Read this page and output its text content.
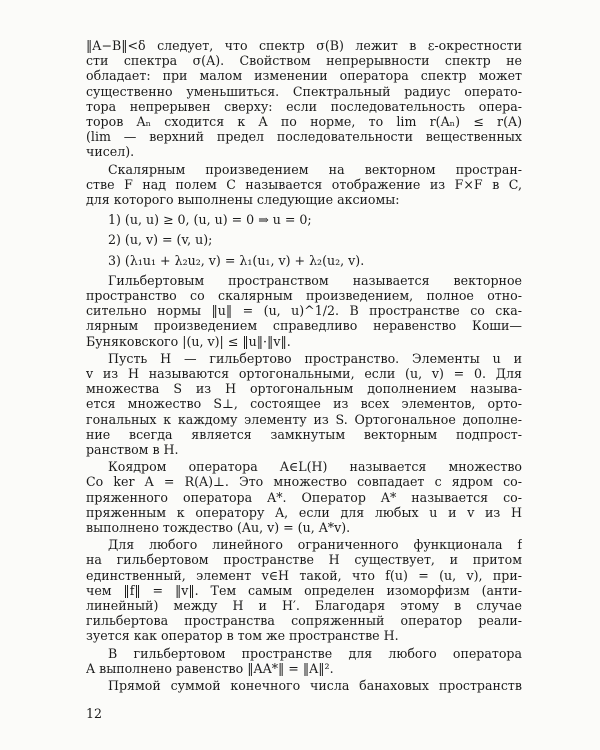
‖A−B‖<δ следует, что спектр σ(B) лежит в ε-окрестности
сти спектра σ(A). Свойством непрерывности спектр не
обладает: при малом изменении оператора спектр может
существенно уменьшиться. Спектральный радиус операто-
тора непрерывен сверху: если последовательность опера-
торов Aₙ сходится к A по норме, то lim r(Aₙ) ≤ r(A)
(lim — верхний предел последовательности вещественных
чисел).
Скалярным произведением на векторном простран-
стве F над полем C называется отображение из F×F в C,
для которого выполнены следующие аксиомы:
1) (u, u) ≥ 0, (u, u) = 0 ⇒ u = 0;
2) (u, v) = (v, u);
3) (λ₁u₁ + λ₂u₂, v) = λ₁(u₁, v) + λ₂(u₂, v).
Гильбертовым пространством называется векторное
пространство со скалярным произведением, полное отно-
сительно нормы ‖u‖ = (u, u)^1/2. В пространстве со ска-
лярным произведением справедливо неравенство Коши—
Буняковского |(u, v)| ≤ ‖u‖·‖v‖.
Пусть H — гильбертово пространство. Элементы u и
v из H называются ортогональными, если (u, v) = 0. Для
множества S из H ортогональным дополнением называ-
ется множество S⊥, состоящее из всех элементов, орто-
гональных к каждому элементу из S. Ортогональное дополне-
ние всегда является замкнутым векторным подпрост-
ранством в H.
Коядром оператора A∈L(H) называется множество
Co ker A = R(A)⊥. Это множество совпадает с ядром со-
пряженного оператора A*. Оператор A* называется со-
пряженным к оператору A, если для любых u и v из H
выполнено тождество (Au, v) = (u, A*v).
Для любого линейного ограниченного функционала f
на гильбертовом пространстве H существует, и притом
единственный, элемент v∈H такой, что f(u) = (u, v), при-
чем ‖f‖ = ‖v‖. Тем самым определен изоморфизм (анти-
линейный) между H и H′. Благодаря этому в случае
гильбертова пространства сопряженный оператор реали-
зуется как оператор в том же пространстве H.
В гильбертовом пространстве для любого оператора
A выполнено равенство ‖AA*‖ = ‖A‖².
Прямой суммой конечного числа банаховых пространств
12
